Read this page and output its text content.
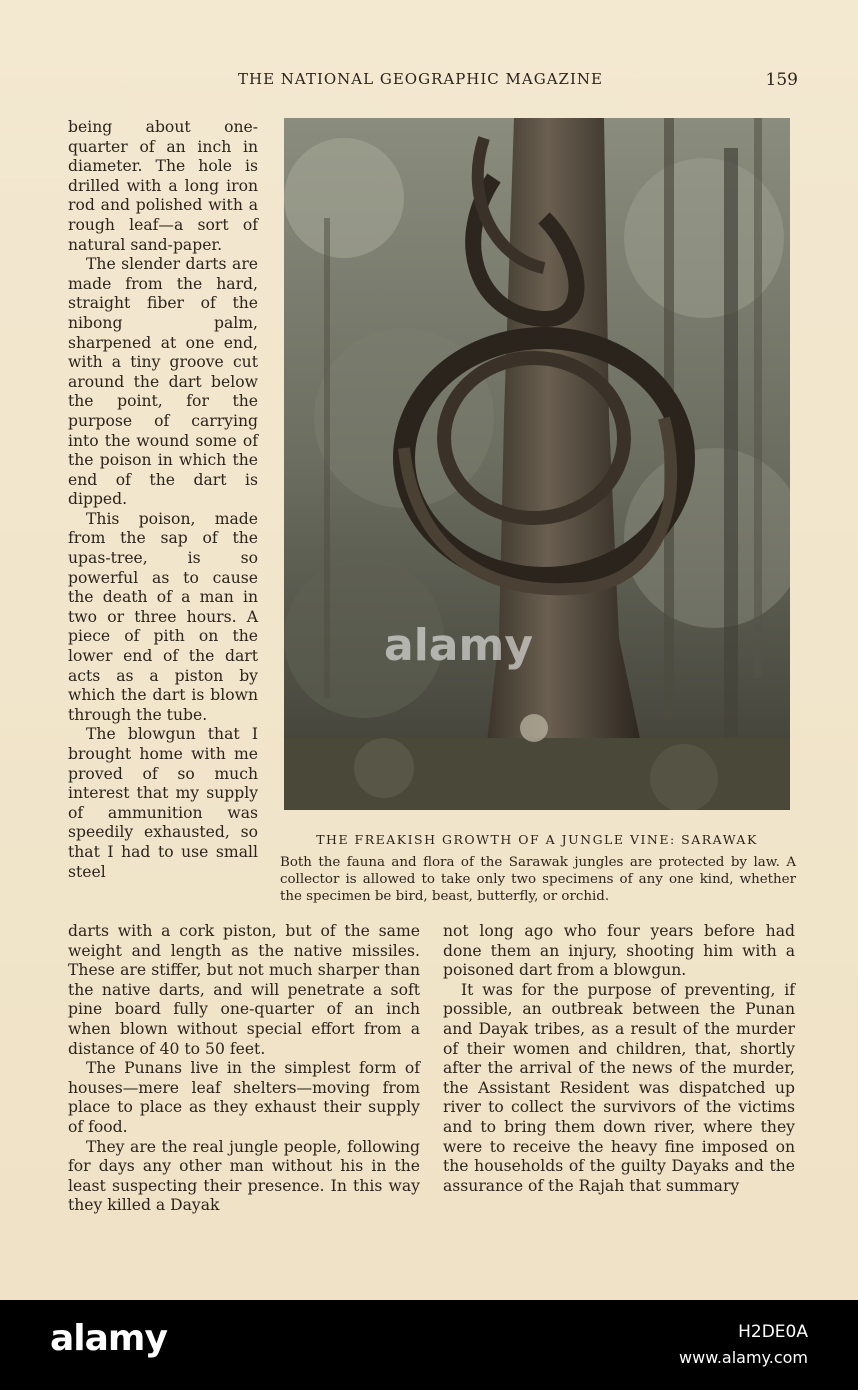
THE NATIONAL GEOGRAPHIC MAGAZINE	159

being about one-quarter of an inch in diameter. The hole is drilled with a long iron rod and polished with a rough leaf—a sort of natural sand-paper.

The slender darts are made from the hard, straight fiber of the nibong palm, sharpened at one end, with a tiny groove cut around the dart below the point, for the purpose of carrying into the wound some of the poison in which the end of the dart is dipped.

This poison, made from the sap of the upas-tree, is so powerful as to cause the death of a man in two or three hours. A piece of pith on the lower end of the dart acts as a piston by which the dart is blown through the tube.

The blowgun that I brought home with me proved of so much interest that my supply of ammunition was speedily exhausted, so that I had to use small steel

THE FREAKISH GROWTH OF A JUNGLE VINE: SARAWAK
Both the fauna and flora of the Sarawak jungles are protected by law. A collector is allowed to take only two specimens of any one kind, whether the specimen be bird, beast, butterfly, or orchid.

darts with a cork piston, but of the same weight and length as the native missiles. These are stiffer, but not much sharper than the native darts, and will penetrate a soft pine board fully one-quarter of an inch when blown without special effort from a distance of 40 to 50 feet.

The Punans live in the simplest form of houses—mere leaf shelters—moving from place to place as they exhaust their supply of food.

They are the real jungle people, following for days any other man without his in the least suspecting their presence. In this way they killed a Dayak

not long ago who four years before had done them an injury, shooting him with a poisoned dart from a blowgun.

It was for the purpose of preventing, if possible, an outbreak between the Punan and Dayak tribes, as a result of the murder of their women and children, that, shortly after the arrival of the news of the murder, the Assistant Resident was dispatched up river to collect the survivors of the victims and to bring them down river, where they were to receive the heavy fine imposed on the households of the guilty Dayaks and the assurance of the Rajah that summary

alamy
alamy	H2DE0A
www.alamy.com
